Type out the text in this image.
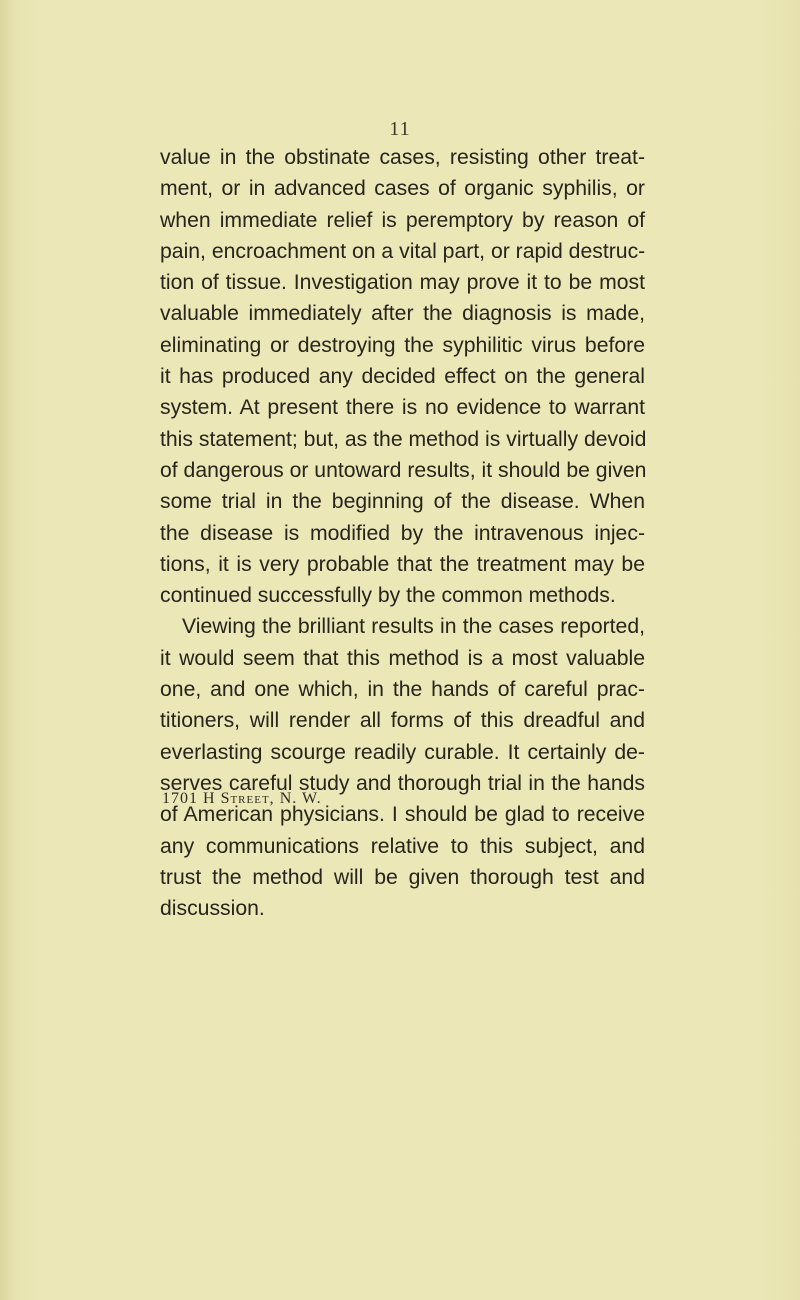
11
value in the obstinate cases, resisting other treat-
ment, or in advanced cases of organic syphilis, or
when immediate relief is peremptory by reason of
pain, encroachment on a vital part, or rapid destruc-
tion of tissue. Investigation may prove it to be most
valuable immediately after the diagnosis is made,
eliminating or destroying the syphilitic virus before
it has produced any decided effect on the general
system. At present there is no evidence to warrant
this statement; but, as the method is virtually devoid
of dangerous or untoward results, it should be given
some trial in the beginning of the disease. When
the disease is modified by the intravenous injec-
tions, it is very probable that the treatment may be
continued successfully by the common methods.
Viewing the brilliant results in the cases reported,
it would seem that this method is a most valuable
one, and one which, in the hands of careful prac-
titioners, will render all forms of this dreadful and
everlasting scourge readily curable. It certainly de-
serves careful study and thorough trial in the hands
of American physicians. I should be glad to receive
any communications relative to this subject, and
trust the method will be given thorough test and
discussion.
1701 H Street, N. W.
